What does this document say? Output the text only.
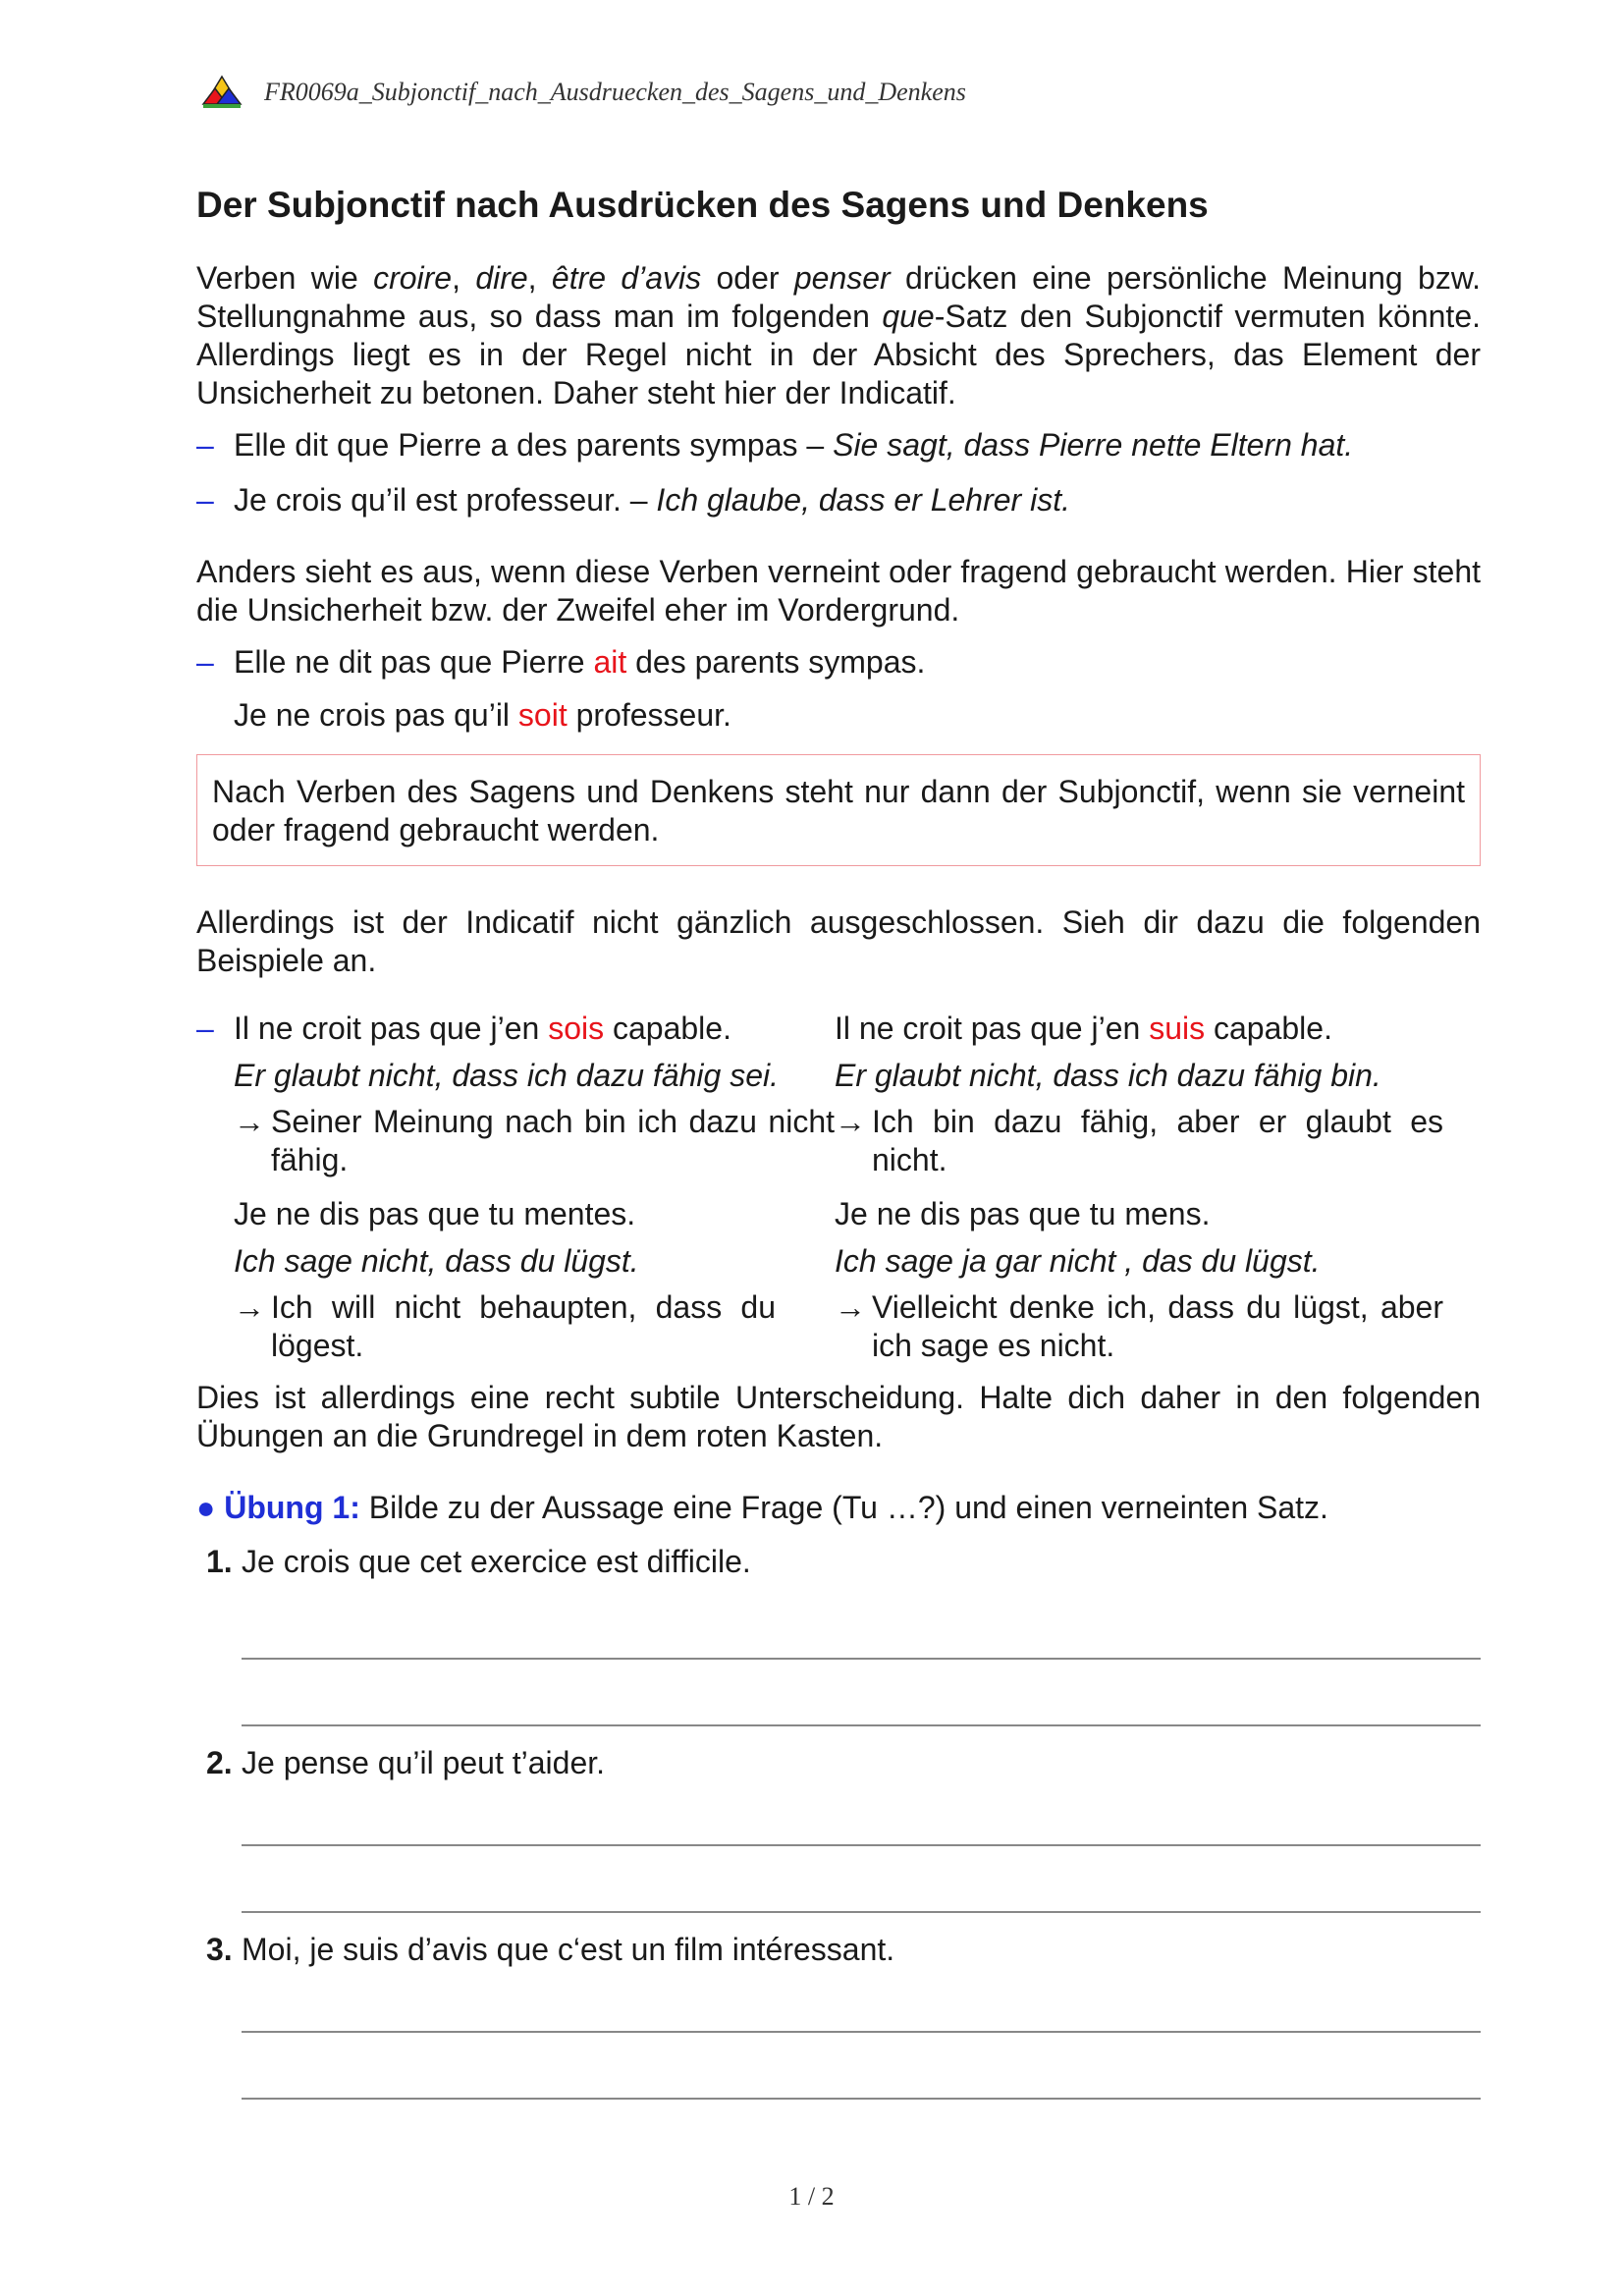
FR0069a_Subjonctif_nach_Ausdruecken_des_Sagens_und_Denkens
Der Subjonctif nach Ausdrücken des Sagens und Denkens

Verben wie croire, dire, être d’avis oder penser drücken eine persönliche Meinung bzw. Stellungnahme aus, so dass man im folgenden que-Satz den Subjonctif vermuten könnte. Allerdings liegt es in der Regel nicht in der Absicht des Sprechers, das Element der Unsicherheit zu betonen. Daher steht hier der Indicatif.

– Elle dit que Pierre a des parents sympas – Sie sagt, dass Pierre nette Eltern hat.
– Je crois qu’il est professeur. – Ich glaube, dass er Lehrer ist.

Anders sieht es aus, wenn diese Verben verneint oder fragend gebraucht werden. Hier steht die Unsicherheit bzw. der Zweifel eher im Vordergrund.

– Elle ne dit pas que Pierre ait des parents sympas.
Je ne crois pas qu’il soit professeur.
Nach Verben des Sagens und Denkens steht nur dann der Subjonctif, wenn sie verneint oder fragend gebraucht werden.

Allerdings ist der Indicatif nicht gänzlich ausgeschlossen. Sieh dir dazu die folgenden Beispiele an.

– Il ne croit pas que j’en sois capable.
Er glaubt nicht, dass ich dazu fähig sei.
→ Seiner Meinung nach bin ich dazu nicht fähig.
Je ne dis pas que tu mentes.
Ich sage nicht, dass du lügst.
→ Ich will nicht behaupten, dass du lögest.
Il ne croit pas que j’en suis capable.
Er glaubt nicht, dass ich dazu fähig bin.
→ Ich bin dazu fähig, aber er glaubt es nicht.
Je ne dis pas que tu mens.
Ich sage ja gar nicht , das du lügst.
→ Vielleicht denke ich, dass du lügst, aber ich sage es nicht.

Dies ist allerdings eine recht subtile Unterscheidung. Halte dich daher in den folgenden Übungen an die Grundregel in dem roten Kasten.

● Übung 1: Bilde zu der Aussage eine Frage (Tu …?) und einen verneinten Satz.

1. Je crois que cet exercice est difficile.
2. Je pense qu’il peut t’aider.
3. Moi, je suis d’avis que c‘est un film intéressant.
1 / 2
